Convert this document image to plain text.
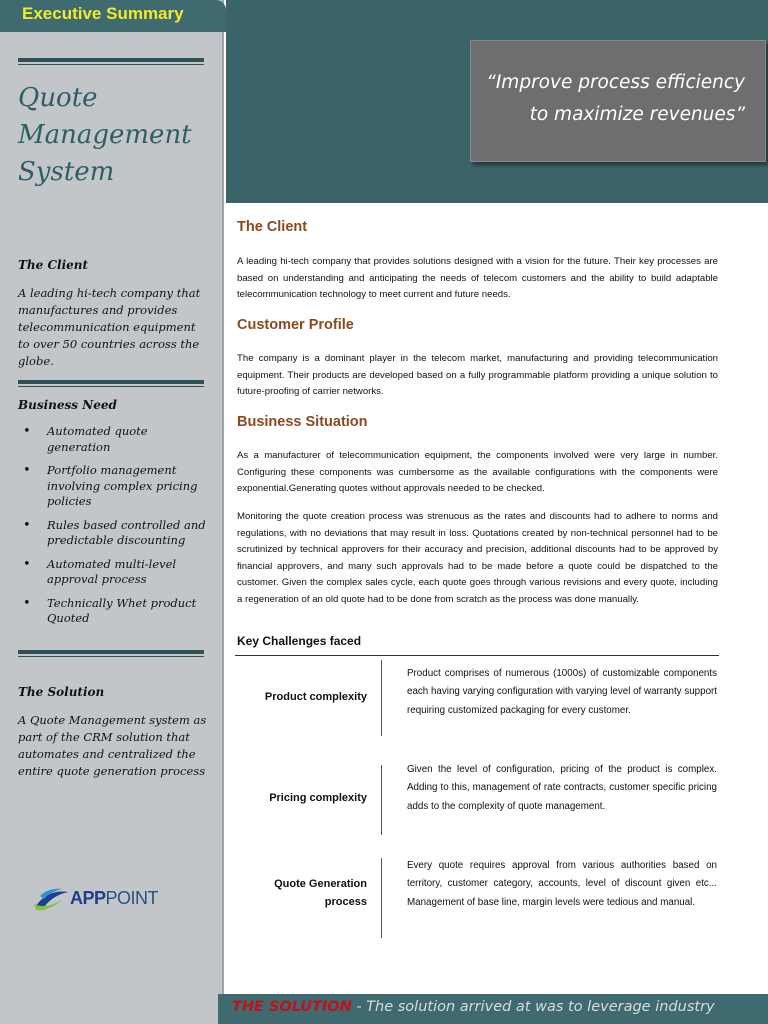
Executive Summary
Quote
Management
System
The Client
A leading hi-tech company that manufactures and provides telecommunication equipment to over 50 countries across the globe.
Business Need
• Automated quote generation
• Portfolio management involving complex pricing policies
• Rules based controlled and predictable discounting
• Automated multi-level approval process
• Technically Whet product Quoted
The Solution
A Quote Management system as part of the CRM solution that automates and centralized the entire quote generation process
APPPOINT
“Improve process efficiency
to maximize revenues”
The Client

A leading hi-tech company that provides solutions designed with a vision for the future. Their key processes are based on understanding and anticipating the needs of telecom customers and the ability to build adaptable telecommunication technology to meet current and future needs.

Customer Profile

The company is a dominant player in the telecom market, manufacturing and providing telecommunication equipment. Their products are developed based on a fully programmable platform providing a unique solution to future-proofing of carrier networks.

Business Situation

As a manufacturer of telecommunication equipment, the components involved were very large in number. Configuring these components was cumbersome as the available configurations with the components were exponential.Generating quotes without approvals needed to be checked.

Monitoring the quote creation process was strenuous as the rates and discounts had to adhere to norms and regulations, with no deviations that may result in loss. Quotations created by non-technical personnel had to be scrutinized by technical approvers for their accuracy and precision, additional discounts had to be approved by financial approvers, and many such approvals had to be made before a quote could be dispatched to the customer. Given the complex sales cycle, each quote goes through various revisions and every quote, including a regeneration of an old quote had to be done from scratch as the process was done manually.

Key Challenges faced
Product complexity

Product comprises of numerous (1000s) of customizable components each having varying configuration with varying level of warranty support requiring customized packaging for every customer.

Pricing complexity

Given the level of configuration, pricing of the product is complex. Adding to this, management of rate contracts, customer specific pricing adds to the complexity of quote management.

Quote Generation process

Every quote requires approval from various authorities based on territory, customer category, accounts, level of discount given etc... Management of base line, margin levels were tedious and manual.

THE SOLUTION - The solution arrived at was to leverage industry
